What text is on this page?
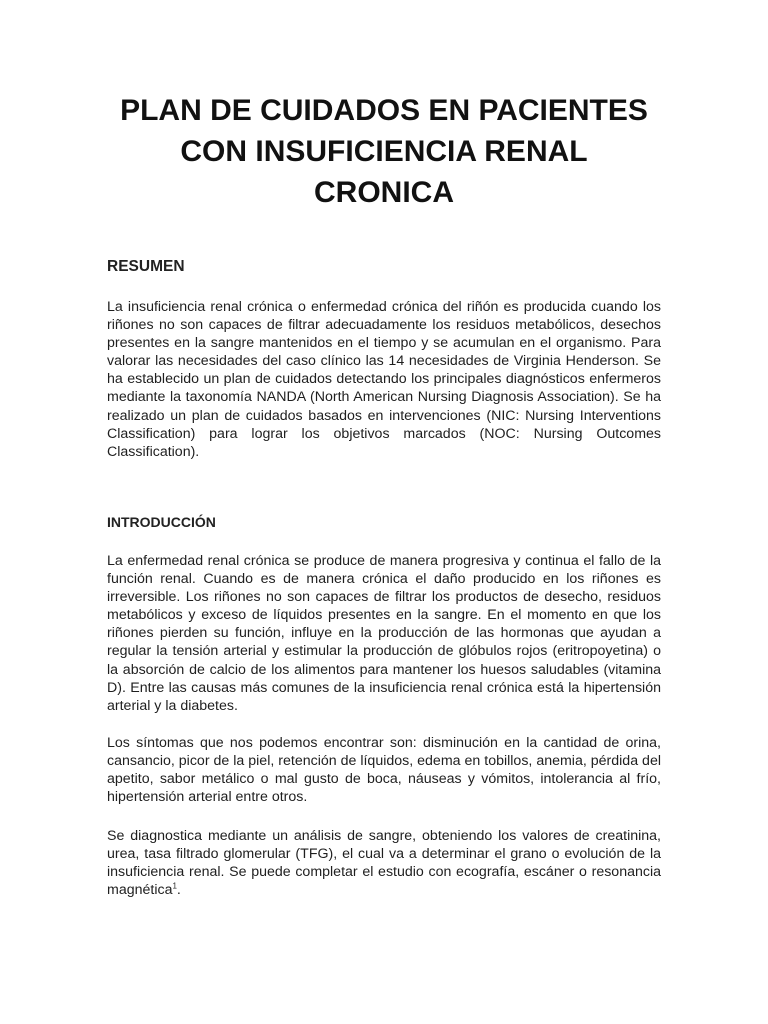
PLAN DE CUIDADOS EN PACIENTES CON INSUFICIENCIA RENAL CRONICA
RESUMEN

La insuficiencia renal crónica o enfermedad crónica del riñón es producida cuando los riñones no son capaces de filtrar adecuadamente los residuos metabólicos, desechos presentes en la sangre mantenidos en el tiempo y se acumulan en el organismo. Para valorar las necesidades del caso clínico las 14 necesidades de Virginia Henderson. Se ha establecido un plan de cuidados detectando los principales diagnósticos enfermeros mediante la taxonomía NANDA (North American Nursing Diagnosis Association). Se ha realizado un plan de cuidados basados en intervenciones (NIC: Nursing Interventions Classification) para lograr los objetivos marcados (NOC: Nursing Outcomes Classification).

INTRODUCCIÓN

La enfermedad renal crónica se produce de manera progresiva y continua el fallo de la función renal. Cuando es de manera crónica el daño producido en los riñones es irreversible. Los riñones no son capaces de filtrar los productos de desecho, residuos metabólicos y exceso de líquidos presentes en la sangre. En el momento en que los riñones pierden su función, influye en la producción de las hormonas que ayudan a regular la tensión arterial y estimular la producción de glóbulos rojos (eritropoyetina) o la absorción de calcio de los alimentos para mantener los huesos saludables (vitamina D). Entre las causas más comunes de la insuficiencia renal crónica está la hipertensión arterial y la diabetes.

Los síntomas que nos podemos encontrar son: disminución en la cantidad de orina, cansancio, picor de la piel, retención de líquidos, edema en tobillos, anemia, pérdida del apetito, sabor metálico o mal gusto de boca, náuseas y vómitos, intolerancia al frío, hipertensión arterial entre otros.

Se diagnostica mediante un análisis de sangre, obteniendo los valores de creatinina, urea, tasa filtrado glomerular (TFG), el cual va a determinar el grano o evolución de la insuficiencia renal. Se puede completar el estudio con ecografía, escáner o resonancia magnética$^1$.
